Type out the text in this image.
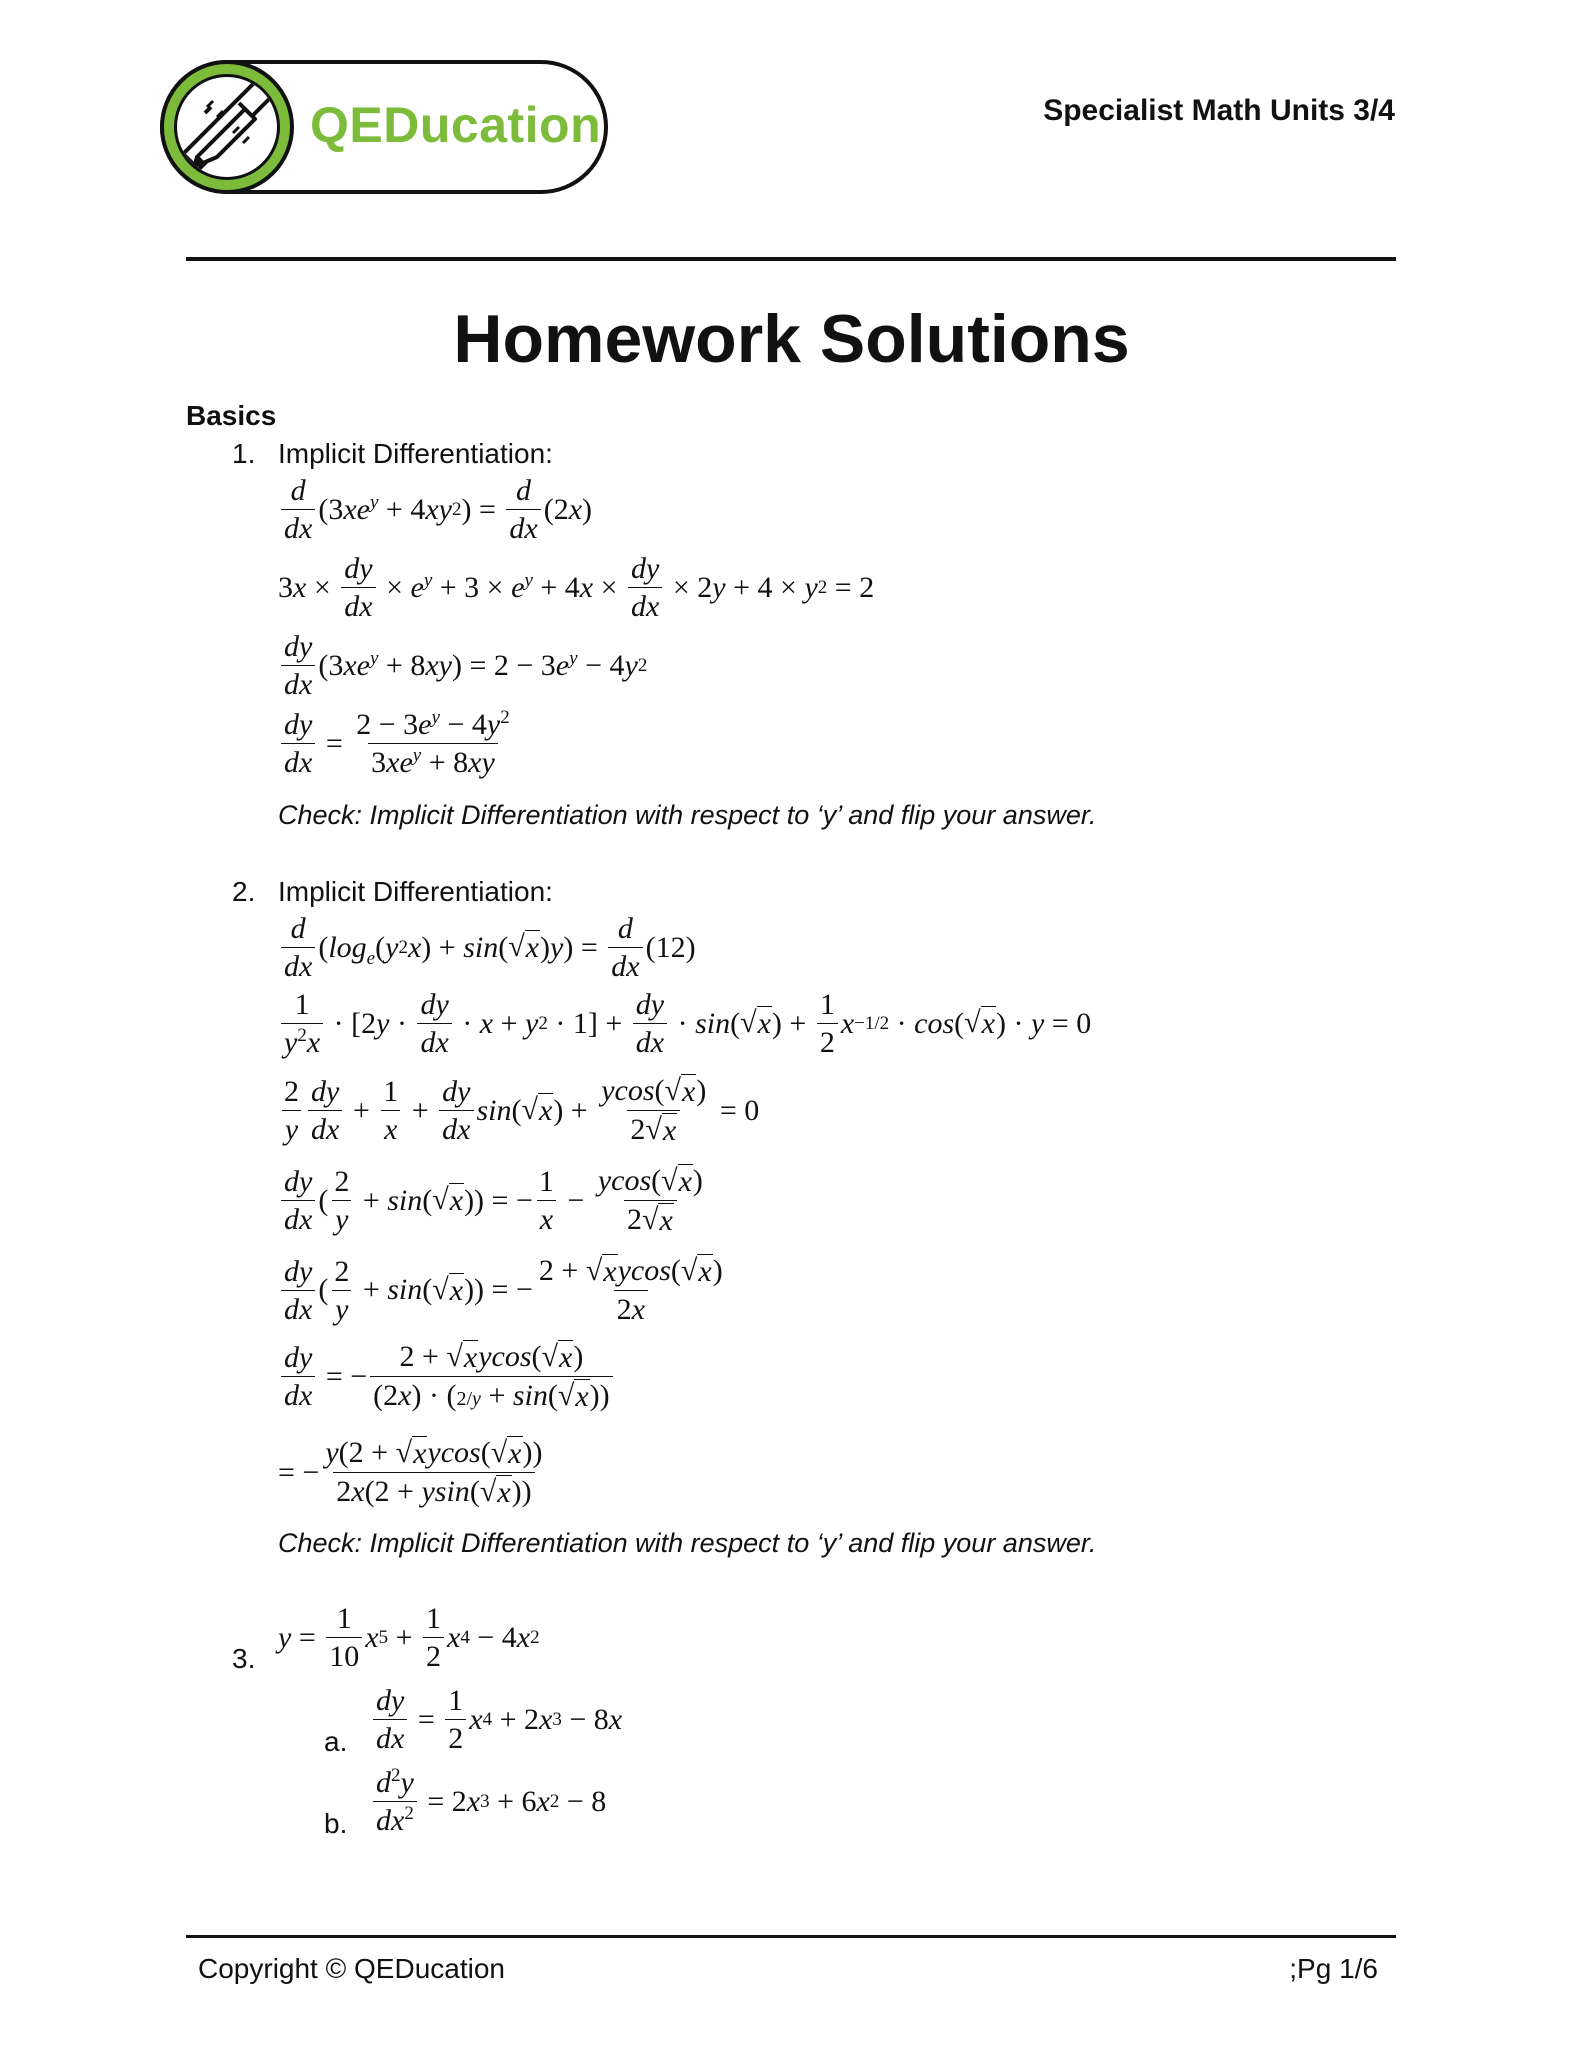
QEDucation	Specialist Math Units 3/4
Homework Solutions
Basics
1. Implicit Differentiation:
d
dx
(3 $xe^y + 4$ xy 2 ) =
d
dx
(2 x )
3 x ×
dy
dx
× $e^y + 3 \times e^y + 4$ x ×
dy
dx
× 2 y + 4 × y 2 = 2
dy
dx
(3 $xe^y + 8$ xy ) = 2 − 3 $e^y - 4$ y 2
dy
dx
=
$2 - 3e^y - 4y^2$
$3xe^y + 8xy$
Check: Implicit Differentiation with respect to ‘y’ and flip your answer.
2. Implicit Differentiation:
d
dx
( $\log_e$ ( y 2 x ) + sin ( √ x ) y ) =
d
dx
(12)
1
$y^2x$
· [2 y ·
dy
dx
· x + y 2 · 1] +
dy
dx
· sin ( √ x ) +
1
2
x −1/2 · cos ( √ x ) · y = 0
2
y
dy
dx
+
1
x
+
dy
dx
sin ( √ x ) +
ycos( √ x )
2 √ x
= 0
dy
dx
(
2
y
+ sin ( √ x )) = −
1
x
−
ycos( √ x )
2 √ x
dy
dx
(
2
y
+ sin ( √ x )) = −
2 + √ x ycos( √ x )
2x
dy
dx
= −
2 + √ x ycos( √ x )
(2x) · (2/y + sin( √ x ))
= −
y(2 + √ x ycos( √ x ))
2x(2 + ysin( √ x ))
Check: Implicit Differentiation with respect to ‘y’ and flip your answer.
3.
y =
1
10
x 5 +
1
2
x 4 − 4 x 2
a.
dy
dx
=
1
2
x 4 + 2 x 3 − 8 x
b.
$d^2y$
$dx^2 = 2$ x 3 + 6 x 2 − 8
Copyright © QEDucation	;Pg 1/6
